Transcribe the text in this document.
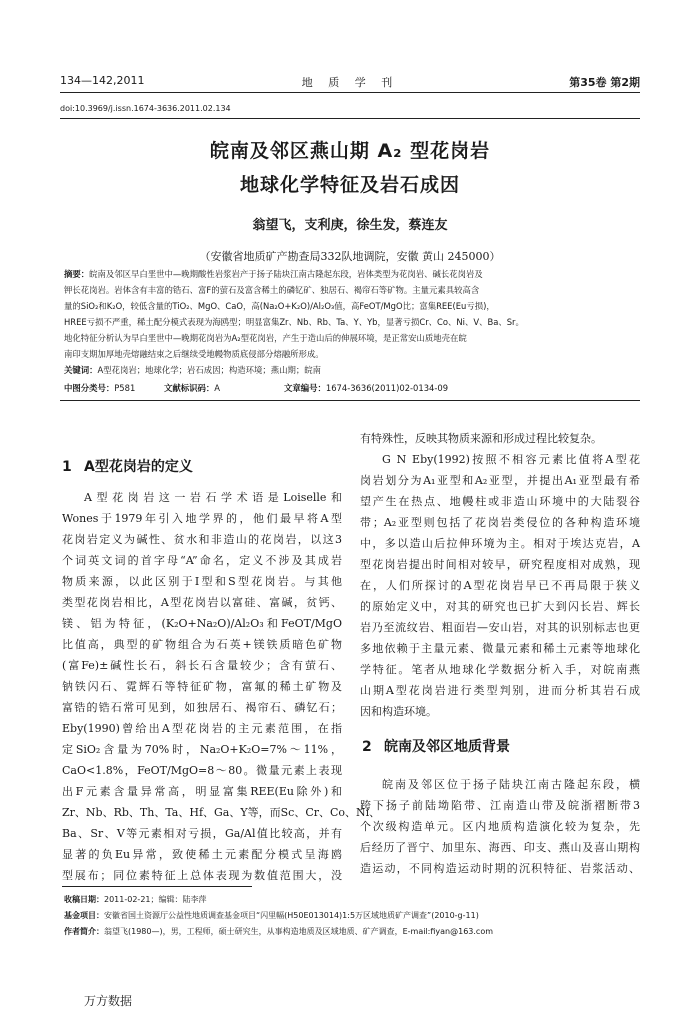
134—142,2011	地 质 学 刊	第35卷 第2期
doi:10.3969/j.issn.1674-3636.2011.02.134
皖南及邻区燕山期 A₂ 型花岗岩
地球化学特征及岩石成因
翁望飞，支利庚，徐生发，蔡连友
（安徽省地质矿产勘查局332队地调院，安徽 黄山 245000）
摘要：皖南及邻区早白垩世中—晚期酸性岩浆岩产于扬子陆块江南古隆起东段，岩体类型为花岗岩、碱长花岗岩及
钾长花岗岩。岩体含有丰富的锆石、富F的萤石及富含稀土的磷钇矿、独居石、褐帘石等矿物。主量元素具较高含
量的SiO₂和K₂O，较低含量的TiO₂、MgO、CaO，高(Na₂O+K₂O)/Al₂O₃值，高FeOT/MgO比；富集REE(Eu亏损)，
HREE亏损不严重，稀土配分模式表现为海鸥型；明显富集Zr、Nb、Rb、Ta、Y、Yb，显著亏损Cr、Co、Ni、V、Ba、Sr。
地化特征分析认为早白垩世中—晚期花岗岩为A₂型花岗岩，产生于造山后的伸展环境，是正常安山质地壳在皖
南印支期加厚地壳熔融结束之后继续受地幔物质底侵部分熔融所形成。
关键词：A型花岗岩；地球化学；岩石成因；构造环境；燕山期；皖南
中图分类号：P581	文献标识码：A	文章编号：1674-3636(2011)02-0134-09
1 A型花岗岩的定义
A型花岗岩这一岩石学术语是Loiselle和
Wones于1979年引入地学界的，他们最早将A型
花岗岩定义为碱性、贫水和非造山的花岗岩，以这3
个词英文词的首字母“A”命名，定义不涉及其成岩
物质来源，以此区别于I型和S型花岗岩。与其他
类型花岗岩相比，A型花岗岩以富硅、富碱，贫钙、
镁、铝为特征，(K₂O+Na₂O)/Al₂O₃和FeOT/MgO
比值高，典型的矿物组合为石英+镁铁质暗色矿物
(富Fe)±碱性长石，斜长石含量较少；含有萤石、
钠铁闪石、霓辉石等特征矿物，富氟的稀土矿物及
富锆的锆石常可见到，如独居石、褐帘石、磷钇石；
Eby(1990)曾给出A型花岗岩的主元素范围，在指
定SiO₂含量为70%时，Na₂O+K₂O=7%～11%，
CaO<1.8%，FeOT/MgO=8～80。微量元素上表现
出F元素含量异常高，明显富集REE(Eu除外)和
Zr、Nb、Rb、Th、Ta、Hf、Ga、Y等，而Sc、Cr、Co、Ni、
Ba、Sr、V等元素相对亏损，Ga/Al值比较高，并有
显著的负Eu异常，致使稀土元素配分模式呈海鸥
型展布；同位素特征上总体表现为数值范围大，没
有特殊性，反映其物质来源和形成过程比较复杂。
G N Eby(1992)按照不相容元素比值将A型花
岗岩划分为A₁亚型和A₂亚型，并提出A₁亚型最有希
望产生在热点、地幔柱或非造山环境中的大陆裂谷
带；A₂亚型则包括了花岗岩类侵位的各种构造环境
中，多以造山后拉伸环境为主。相对于埃达克岩，A
型花岗岩提出时间相对较早，研究程度相对成熟，现
在，人们所探讨的A型花岗岩早已不再局限于狭义
的原始定义中，对其的研究也已扩大到闪长岩、辉长
岩乃至流纹岩、粗面岩—安山岩，对其的识别标志也更
多地依赖于主量元素、微量元素和稀土元素等地球化
学特征。笔者从地球化学数据分析入手，对皖南燕
山期A型花岗岩进行类型判别，进而分析其岩石成
因和构造环境。
2 皖南及邻区地质背景
皖南及邻区位于扬子陆块江南古隆起东段，横
跨下扬子前陆坳陷带、江南造山带及皖浙褶断带3
个次级构造单元。区内地质构造演化较为复杂，先
后经历了晋宁、加里东、海西、印支、燕山及喜山期构
造运动，不同构造运动时期的沉积特征、岩浆活动、
收稿日期：2011-02-21；编辑：陆李萍
基金项目：安徽省国土资源厅公益性地质调查基金项目“闪里幅(H50E013014)1:5万区域地质矿产调查”(2010-g-11)
作者简介：翁望飞(1980—)，男，工程师，硕士研究生，从事构造地质及区域地质、矿产调查，E-mail:fiyan@163.com
万方数据
